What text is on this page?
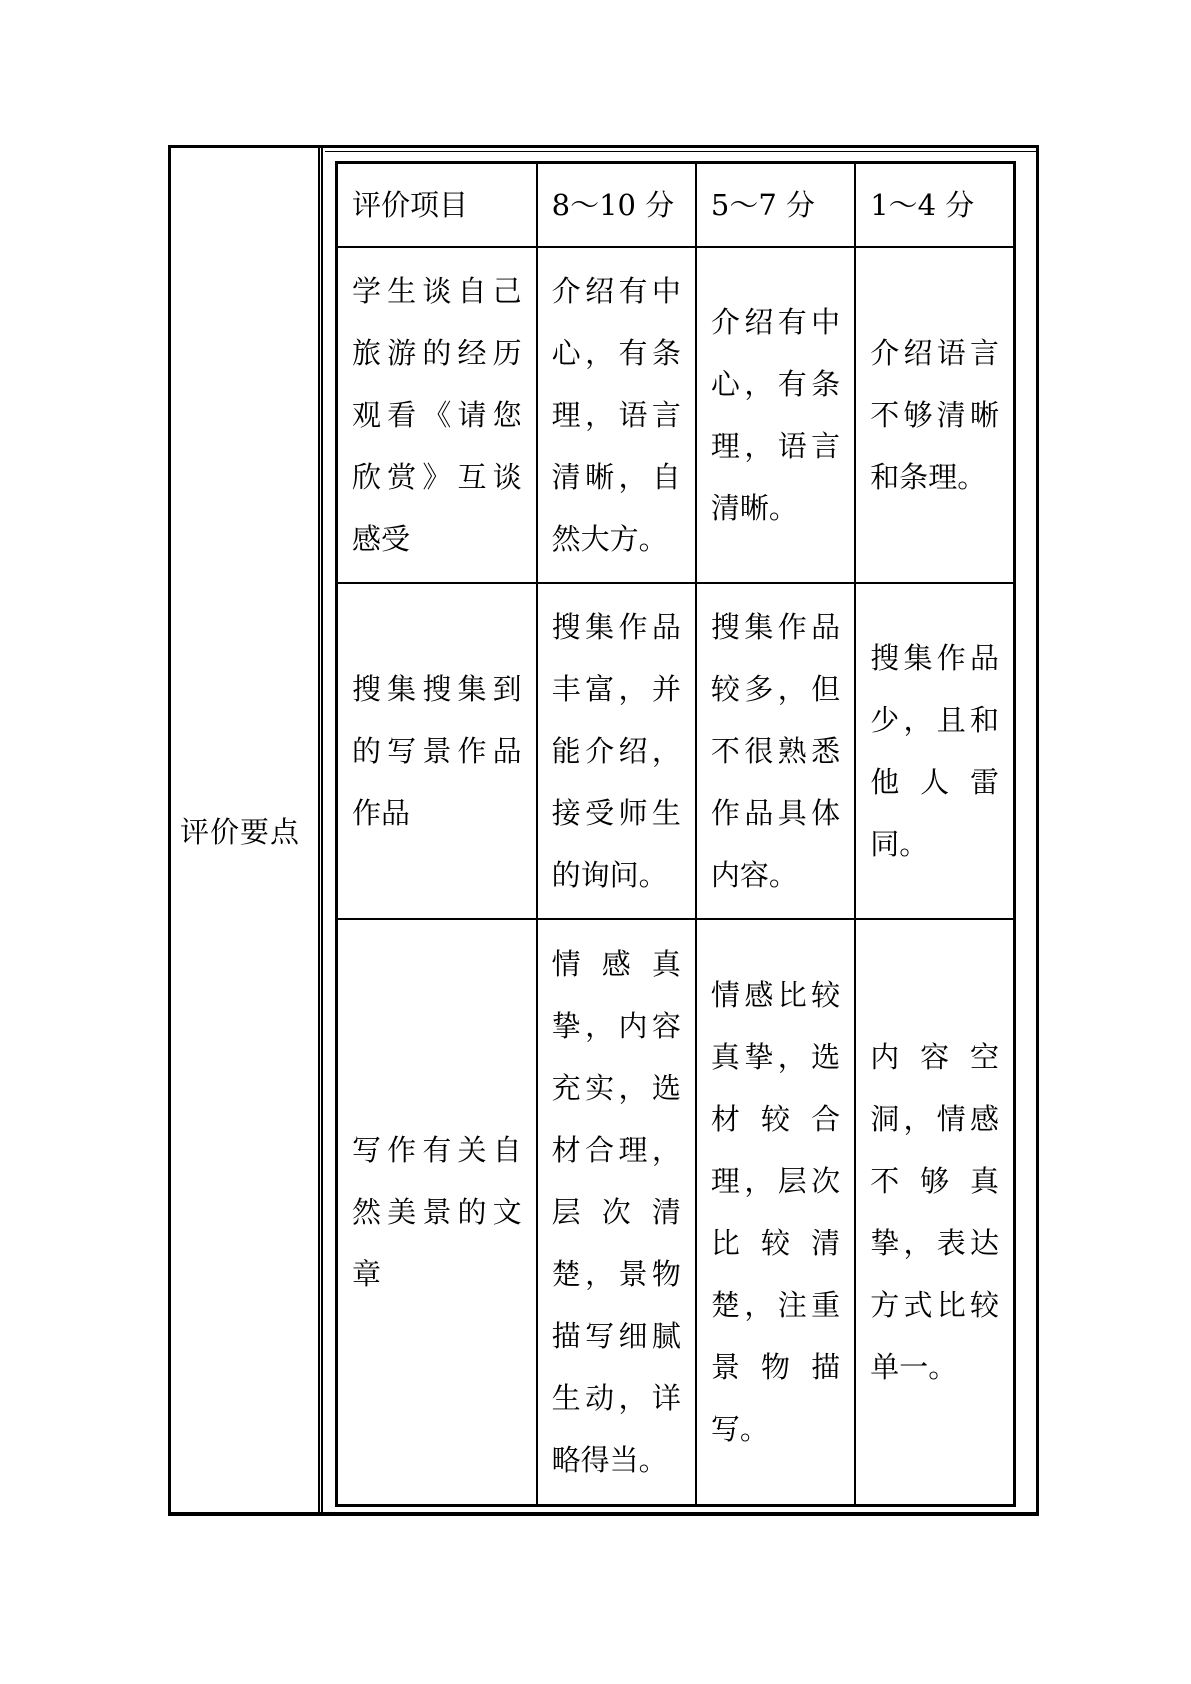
评价要点
评价项目	8～10 分	5～7 分	1～4 分
学生谈自己旅游的经历观看《请您欣赏》互谈感受	介绍有中心，有条理，语言清晰，自然大方。	介绍有中心，有条理，语言清晰。	介绍语言不够清晰和条理。
搜集搜集到的写景作品作品	搜集作品丰富，并能介绍，接受师生的询问。	搜集作品较多，但不很熟悉作品具体内容。	搜集作品少，且和他人雷同。
写作有关自然美景的文章	情感真挚，内容充实，选材合理，层次清楚，景物描写细腻生动，详略得当。	情感比较真挚，选材较合理，层次比较清楚，注重景物描写。	内容空洞，情感不够真挚，表达方式比较单一。
